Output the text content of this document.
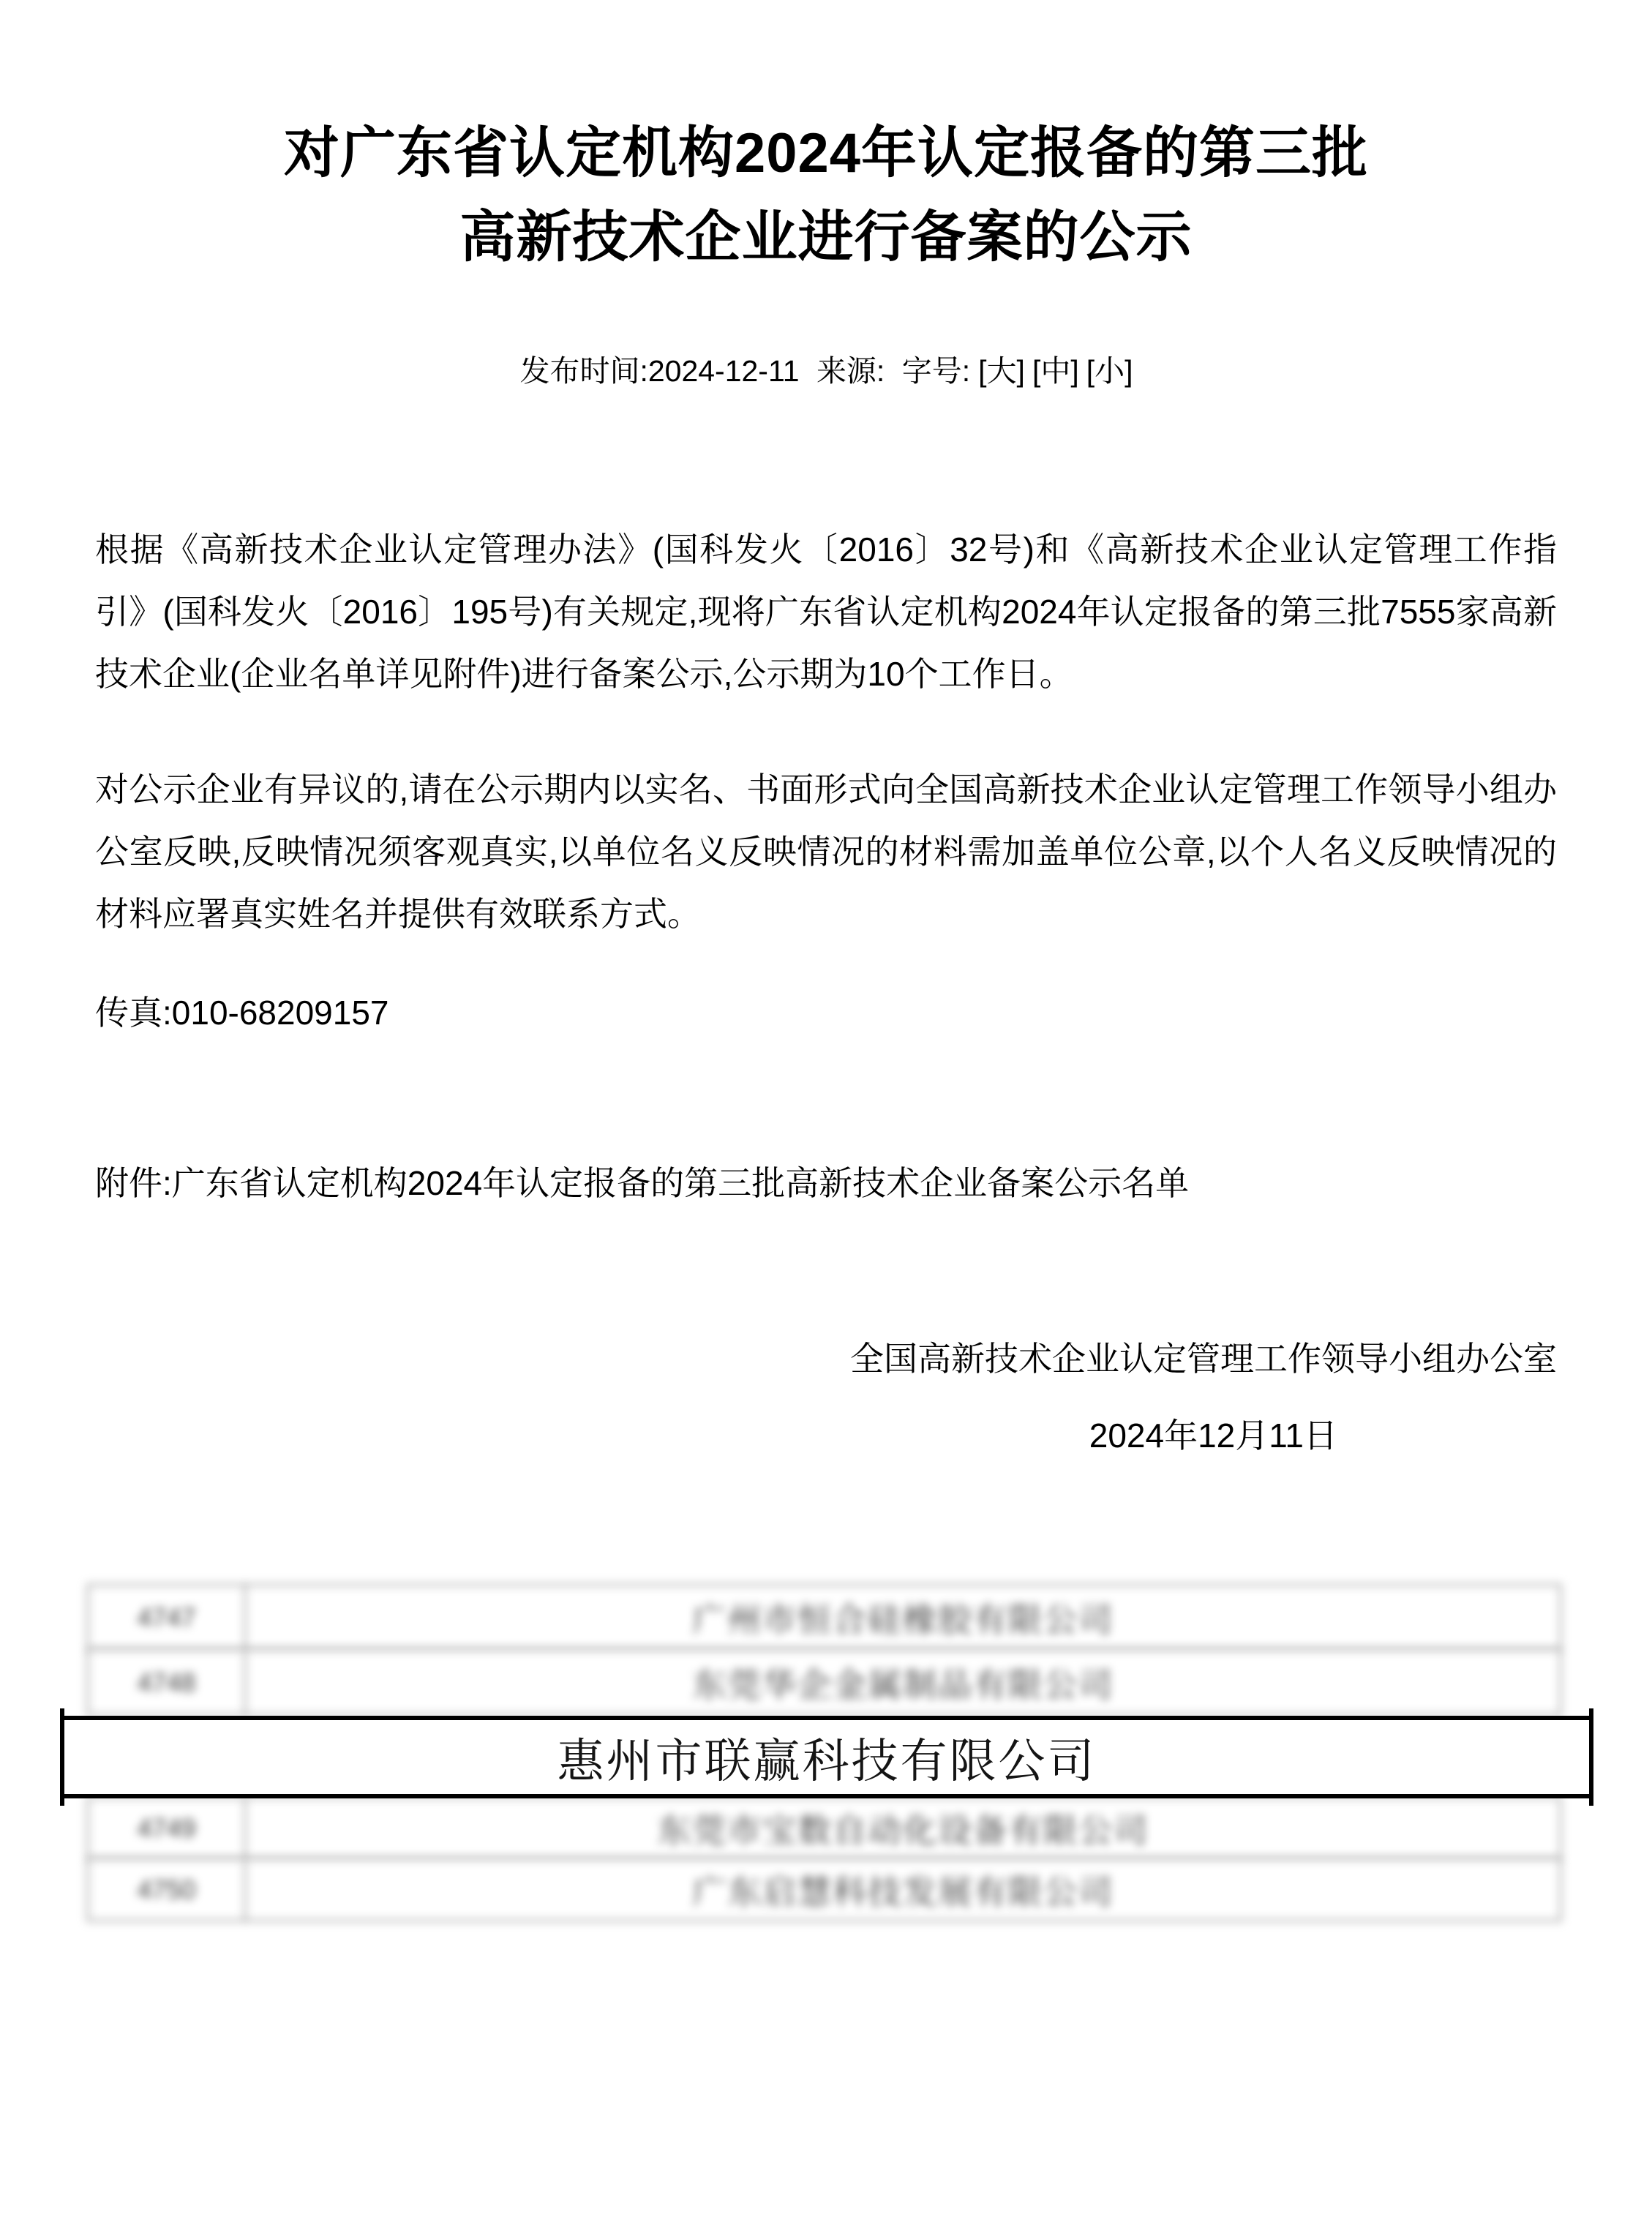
对广东省认定机构2024年认定报备的第三批
高新技术企业进行备案的公示
发布时间:2024-12-11 来源: 字号: [大] [中] [小]

根据《高新技术企业认定管理办法》(国科发火〔2016〕32号)和《高新技术企业认定管理工作指引》(国科发火〔2016〕195号)有关规定,现将广东省认定机构2024年认定报备的第三批7555家高新技术企业(企业名单详见附件)进行备案公示,公示期为10个工作日。

对公示企业有异议的,请在公示期内以实名、书面形式向全国高新技术企业认定管理工作领导小组办公室反映,反映情况须客观真实,以单位名义反映情况的材料需加盖单位公章,以个人名义反映情况的材料应署真实姓名并提供有效联系方式。

传真:010-68209157

附件:广东省认定机构2024年认定报备的第三批高新技术企业备案公示名单

全国高新技术企业认定管理工作领导小组办公室

2024年12月11日

4747	广州市恒合硅橡胶有限公司
4748	东莞华企金属制品有限公司
惠州市联赢科技有限公司
4749	东莞市宝数自动化设备有限公司
4750	广东启慧科技发展有限公司
